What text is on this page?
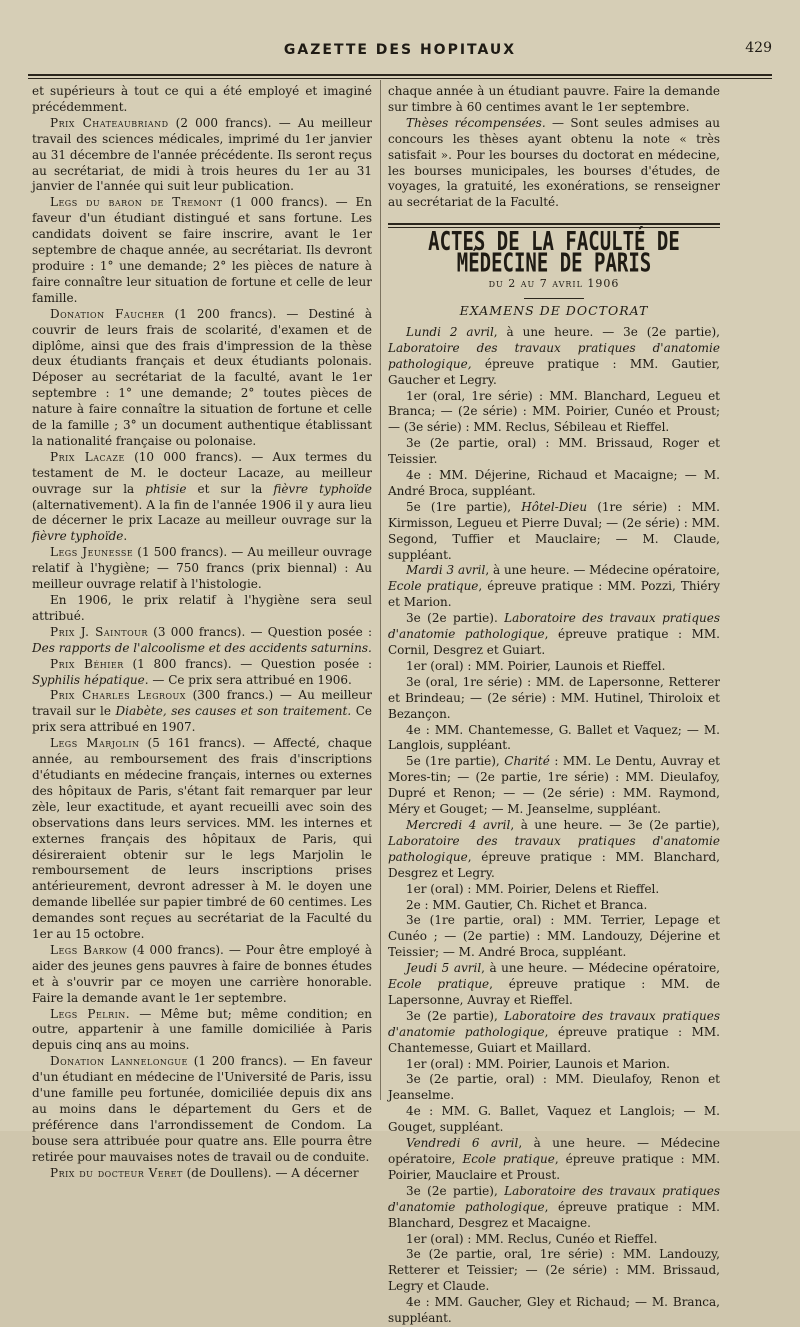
GAZETTE DES HOPITAUX	429

et supérieurs à tout ce qui a été employé et imaginé précédemment.

Prix Chateaubriand (2 000 francs). — Au meilleur travail des sciences médicales, imprimé du 1er janvier au 31 décembre de l'année précédente. Ils seront reçus au secrétariat, de midi à trois heures du 1er au 31 janvier de l'année qui suit leur publication.

Legs du baron de Tremont (1 000 francs). — En faveur d'un étudiant distingué et sans fortune. Les candidats doivent se faire inscrire, avant le 1er septembre de chaque année, au secrétariat. Ils devront produire : 1° une demande; 2° les pièces de nature à faire connaître leur situation de fortune et celle de leur famille.

Donation Faucher (1 200 francs). — Destiné à couvrir de leurs frais de scolarité, d'examen et de diplôme, ainsi que des frais d'impression de la thèse deux étudiants français et deux étudiants polonais. Déposer au secrétariat de la faculté, avant le 1er septembre : 1° une demande; 2° toutes pièces de nature à faire connaître la situation de fortune et celle de la famille ; 3° un document authentique établissant la nationalité française ou polonaise.

Prix Lacaze (10 000 francs). — Aux termes du testament de M. le docteur Lacaze, au meilleur ouvrage sur la phtisie et sur la fièvre typhoïde (alternativement). A la fin de l'année 1906 il y aura lieu de décerner le prix Lacaze au meilleur ouvrage sur la fièvre typhoïde.

Legs Jeunesse (1 500 francs). — Au meilleur ouvrage relatif à l'hygiène; — 750 francs (prix biennal) : Au meilleur ouvrage relatif à l'histologie.

En 1906, le prix relatif à l'hygiène sera seul attribué.

Prix J. Saintour (3 000 francs). — Question posée : Des rapports de l'alcoolisme et des accidents saturnins.

Prix Béhier (1 800 francs). — Question posée : Syphilis hépatique. — Ce prix sera attribué en 1906.

Prix Charles Legroux (300 francs.) — Au meilleur travail sur le Diabète, ses causes et son traitement. Ce prix sera attribué en 1907.

Legs Marjolin (5 161 francs). — Affecté, chaque année, au remboursement des frais d'inscriptions d'étudiants en médecine français, internes ou externes des hôpitaux de Paris, s'étant fait remarquer par leur zèle, leur exactitude, et ayant recueilli avec soin des observations dans leurs services. MM. les internes et externes français des hôpitaux de Paris, qui désireraient obtenir sur le legs Marjolin le remboursement de leurs inscriptions prises antérieurement, devront adresser à M. le doyen une demande libellée sur papier timbré de 60 centimes. Les demandes sont reçues au secrétariat de la Faculté du 1er au 15 octobre.

Legs Barkow (4 000 francs). — Pour être employé à aider des jeunes gens pauvres à faire de bonnes études et à s'ouvrir par ce moyen une carrière honorable. Faire la demande avant le 1er septembre.

Legs Pelrin. — Même but; même condition; en outre, appartenir à une famille domiciliée à Paris depuis cinq ans au moins.

Donation Lannelongue (1 200 francs). — En faveur d'un étudiant en médecine de l'Université de Paris, issu d'une famille peu fortunée, domiciliée depuis dix ans au moins dans le département du Gers et de préférence dans l'arrondissement de Condom. La bouse sera attribuée pour quatre ans. Elle pourra être retirée pour mauvaises notes de travail ou de conduite.

Prix du docteur Veret (de Doullens). — A décerner

chaque année à un étudiant pauvre. Faire la demande sur timbre à 60 centimes avant le 1er septembre.

Thèses récompensées. — Sont seules admises au concours les thèses ayant obtenu la note « très satisfait ». Pour les bourses du doctorat en médecine, les bourses municipales, les bourses d'études, de voyages, la gratuité, les exonérations, se renseigner au secrétariat de la Faculté.

ACTES DE LA FACULTÉ DE MÉDECINE DE PARIS
du 2 au 7 avril 1906
EXAMENS DE DOCTORAT

Lundi 2 avril, à une heure. — 3e (2e partie), Laboratoire des travaux pratiques d'anatomie pathologique, épreuve pratique : MM. Gautier, Gaucher et Legry.

1er (oral, 1re série) : MM. Blanchard, Legueu et Branca; — (2e série) : MM. Poirier, Cunéo et Proust; — (3e série) : MM. Reclus, Sébileau et Rieffel.

3e (2e partie, oral) : MM. Brissaud, Roger et Teissier.

4e : MM. Déjerine, Richaud et Macaigne; — M. André Broca, suppléant.

5e (1re partie), Hôtel-Dieu (1re série) : MM. Kirmisson, Legueu et Pierre Duval; — (2e série) : MM. Segond, Tuffier et Mauclaire; — M. Claude, suppléant.

Mardi 3 avril, à une heure. — Médecine opératoire, Ecole pratique, épreuve pratique : MM. Pozzi, Thiéry et Marion.

3e (2e partie). Laboratoire des travaux pratiques d'anatomie pathologique, épreuve pratique : MM. Cornil, Desgrez et Guiart.

1er (oral) : MM. Poirier, Launois et Rieffel.

3e (oral, 1re série) : MM. de Lapersonne, Retterer et Brindeau; — (2e série) : MM. Hutinel, Thiroloix et Bezançon.

4e : MM. Chantemesse, G. Ballet et Vaquez; — M. Langlois, suppléant.

5e (1re partie), Charité : MM. Le Dentu, Auvray et Mores-tin; — (2e partie, 1re série) : MM. Dieulafoy, Dupré et Renon; — — (2e série) : MM. Raymond, Méry et Gouget; — M. Jeanselme, suppléant.

Mercredi 4 avril, à une heure. — 3e (2e partie), Laboratoire des travaux pratiques d'anatomie pathologique, épreuve pratique : MM. Blanchard, Desgrez et Legry.

1er (oral) : MM. Poirier, Delens et Rieffel.

2e : MM. Gautier, Ch. Richet et Branca.

3e (1re partie, oral) : MM. Terrier, Lepage et Cunéo ; — (2e partie) : MM. Landouzy, Déjerine et Teissier; — M. André Broca, suppléant.

Jeudi 5 avril, à une heure. — Médecine opératoire, Ecole pratique, épreuve pratique : MM. de Lapersonne, Auvray et Rieffel.

3e (2e partie), Laboratoire des travaux pratiques d'anatomie pathologique, épreuve pratique : MM. Chantemesse, Guiart et Maillard.

1er (oral) : MM. Poirier, Launois et Marion.

3e (2e partie, oral) : MM. Dieulafoy, Renon et Jeanselme.

4e : MM. G. Ballet, Vaquez et Langlois; — M. Gouget, suppléant.

Vendredi 6 avril, à une heure. — Médecine opératoire, Ecole pratique, épreuve pratique : MM. Poirier, Mauclaire et Proust.

3e (2e partie), Laboratoire des travaux pratiques d'anatomie pathologique, épreuve pratique : MM. Blanchard, Desgrez et Macaigne.

1er (oral) : MM. Reclus, Cunéo et Rieffel.

3e (2e partie, oral, 1re série) : MM. Landouzy, Retterer et Teissier; — (2e série) : MM. Brissaud, Legry et Claude.

4e : MM. Gaucher, Gley et Richaud; — M. Branca, suppléant.
